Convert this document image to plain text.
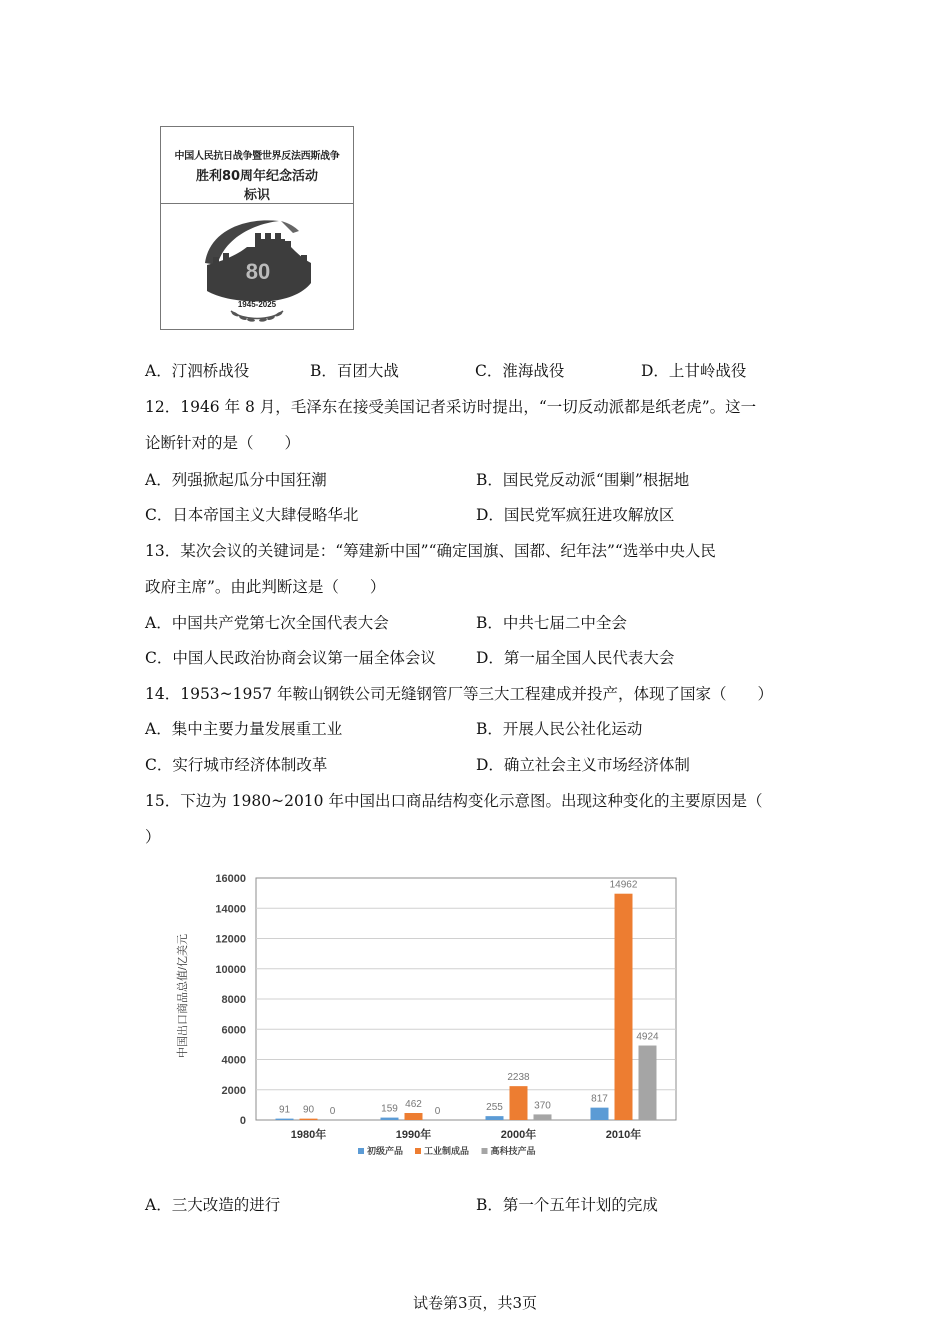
中国人民抗日战争暨世界反法西斯战争
胜利80周年纪念活动
标识
80
1945-2025
A．汀泗桥战役	B．百团大战	C．淮海战役	D．上甘岭战役
12．1946 年 8 月，毛泽东在接受美国记者采访时提出，“一切反动派都是纸老虎”。这一
论断针对的是（　　）
A．列强掀起瓜分中国狂潮	B．国民党反动派“围剿”根据地
C．日本帝国主义大肆侵略华北	D．国民党军疯狂进攻解放区
13．某次会议的关键词是：“筹建新中国”“确定国旗、国都、纪年法”“选举中央人民
政府主席”。由此判断这是（　　）
A．中国共产党第七次全国代表大会	B．中共七届二中全会
C．中国人民政治协商会议第一届全体会议	D．第一届全国人民代表大会
14．1953~1957 年鞍山钢铁公司无缝钢管厂等三大工程建成并投产，体现了国家（　　）
A．集中主要力量发展重工业	B．开展人民公社化运动
C．实行城市经济体制改革	D．确立社会主义市场经济体制
15．下边为 1980~2010 年中国出口商品结构变化示意图。出现这种变化的主要原因是（
）
0
2000
4000
6000
8000
10000
12000
14000
16000
1980年
91 90 0
1990年
159 462
0
2000年
255
2238
370
2010年
817
14962
4924
中国出口商品总值/亿美元
初级产品 工业制成品 高科技产品
A．三大改造的进行	B．第一个五年计划的完成
试卷第3页，共3页
